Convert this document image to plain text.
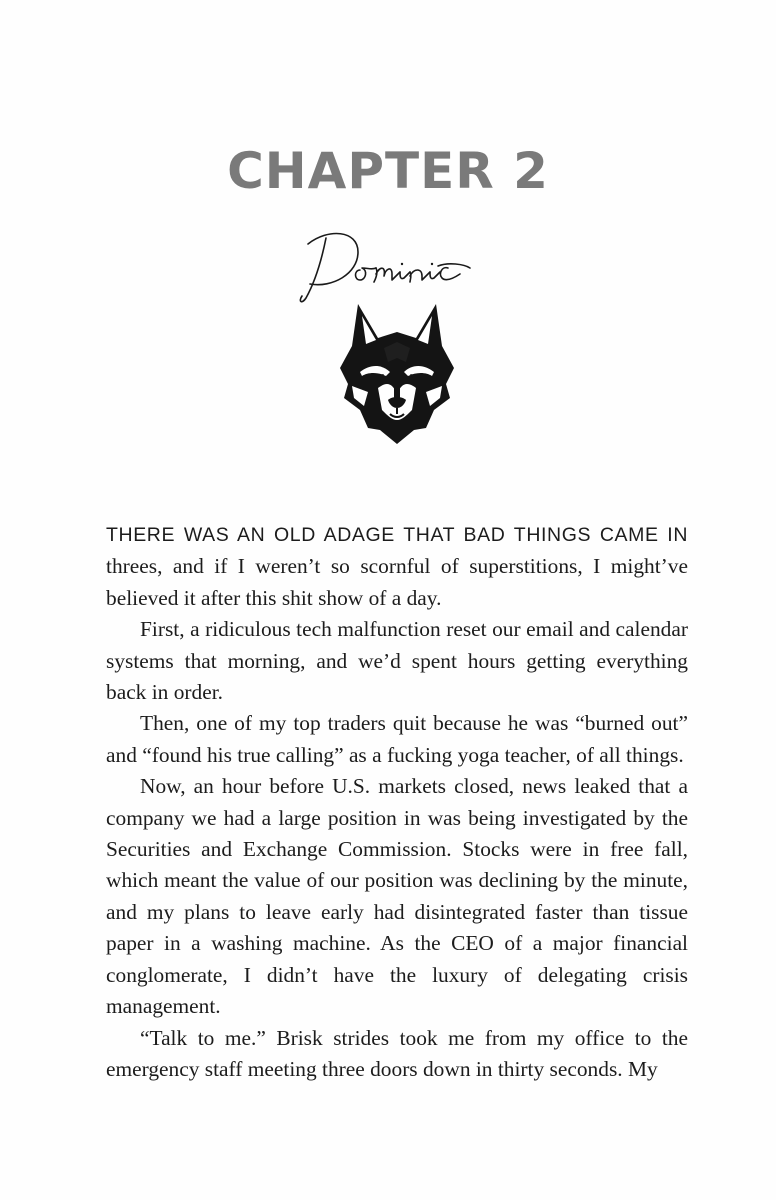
CHAPTER 2

THERE WAS AN OLD ADAGE THAT BAD THINGS CAME IN threes, and if I weren’t so scornful of superstitions, I might’ve believed it after this shit show of a day.

First, a ridiculous tech malfunction reset our email and calendar systems that morning, and we’d spent hours getting everything back in order.

Then, one of my top traders quit because he was “burned out” and “found his true calling” as a fucking yoga teacher, of all things.

Now, an hour before U.S. markets closed, news leaked that a company we had a large position in was being investigated by the Securities and Exchange Commission. Stocks were in free fall, which meant the value of our position was declining by the minute, and my plans to leave early had disintegrated faster than tissue paper in a washing machine. As the CEO of a major financial conglomerate, I didn’t have the luxury of delegating crisis management.

“Talk to me.” Brisk strides took me from my office to the emergency staff meeting three doors down in thirty seconds. My
